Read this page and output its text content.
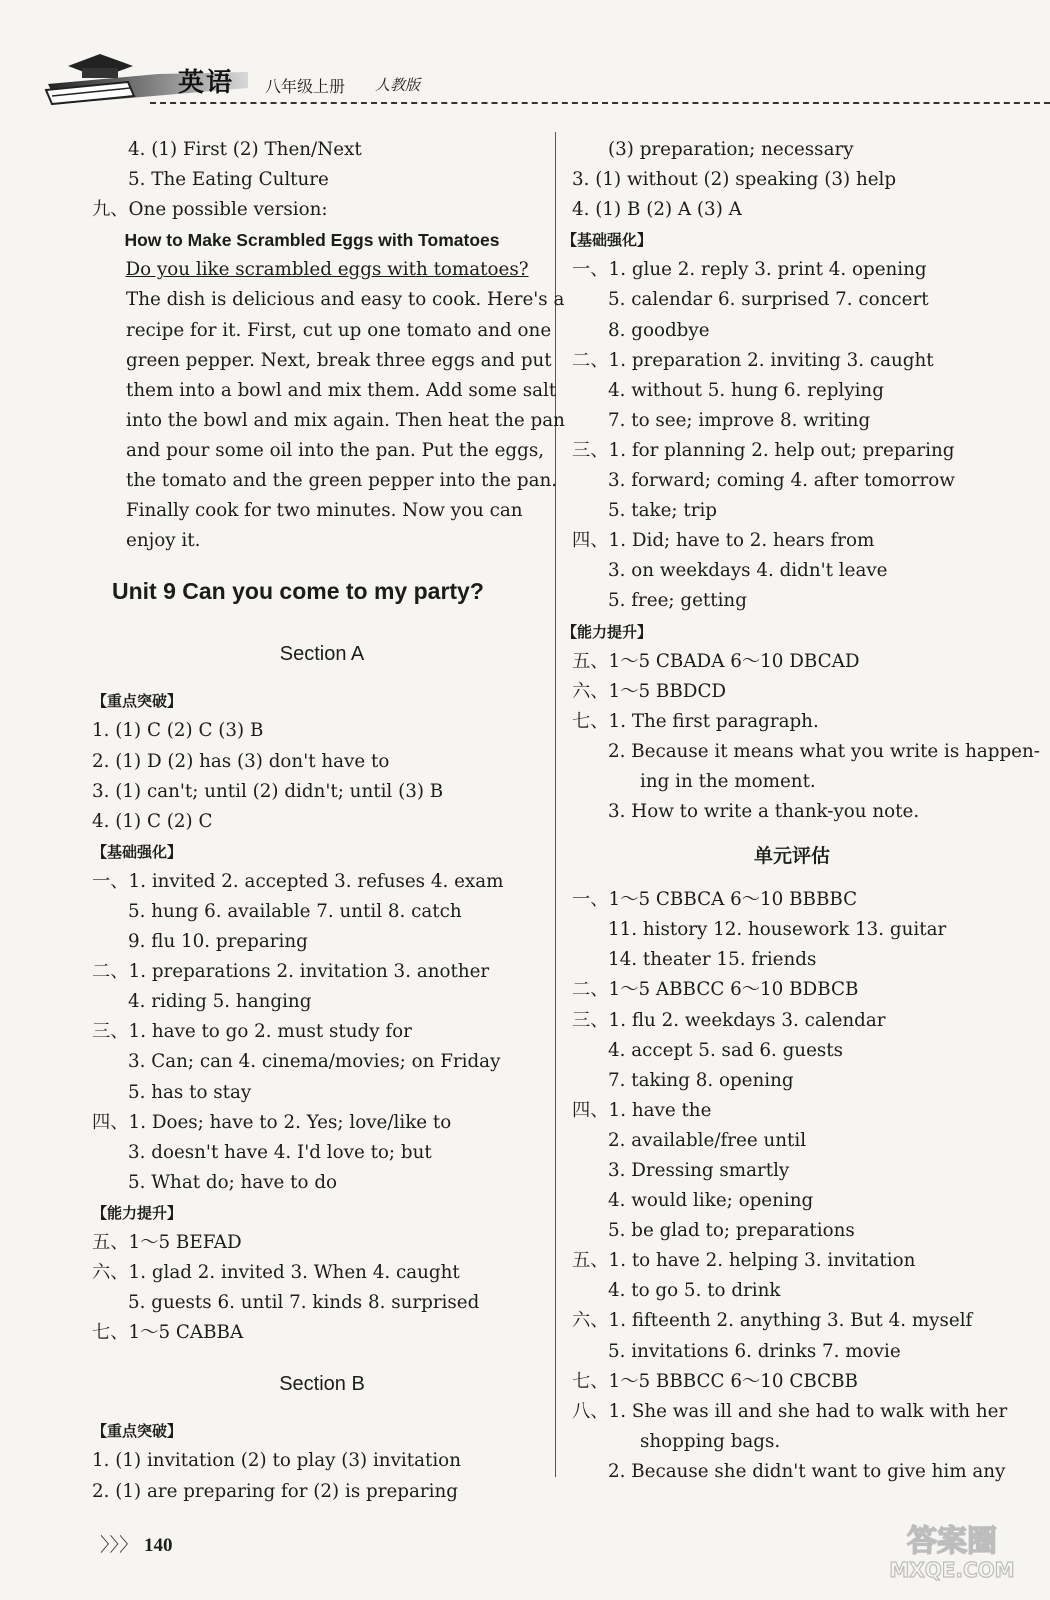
英语 八年级上册 人教版
4. (1) First (2) Then/Next
5. The Eating Culture
九、One possible version:
How to Make Scrambled Eggs with Tomatoes
Do you like scrambled eggs with tomatoes?
The dish is delicious and easy to cook. Here's a
recipe for it. First, cut up one tomato and one
green pepper. Next, break three eggs and put
them into a bowl and mix them. Add some salt
into the bowl and mix again. Then heat the pan
and pour some oil into the pan. Put the eggs,
the tomato and the green pepper into the pan.
Finally cook for two minutes. Now you can
enjoy it.
Unit 9 Can you come to my party?
Section A
【重点突破】
1. (1) C (2) C (3) B
2. (1) D (2) has (3) don't have to
3. (1) can't; until (2) didn't; until (3) B
4. (1) C (2) C
【基础强化】
一、1. invited 2. accepted 3. refuses 4. exam
5. hung 6. available 7. until 8. catch
9. flu 10. preparing
二、1. preparations 2. invitation 3. another
4. riding 5. hanging
三、1. have to go 2. must study for
3. Can; can 4. cinema/movies; on Friday
5. has to stay
四、1. Does; have to 2. Yes; love/like to
3. doesn't have 4. I'd love to; but
5. What do; have to do
【能力提升】
五、1～5 BEFAD
六、1. glad 2. invited 3. When 4. caught
5. guests 6. until 7. kinds 8. surprised
七、1～5 CABBA
Section B
【重点突破】
1. (1) invitation (2) to play (3) invitation
2. (1) are preparing for (2) is preparing
(3) preparation; necessary
3. (1) without (2) speaking (3) help
4. (1) B (2) A (3) A
【基础强化】
一、1. glue 2. reply 3. print 4. opening
5. calendar 6. surprised 7. concert
8. goodbye
二、1. preparation 2. inviting 3. caught
4. without 5. hung 6. replying
7. to see; improve 8. writing
三、1. for planning 2. help out; preparing
3. forward; coming 4. after tomorrow
5. take; trip
四、1. Did; have to 2. hears from
3. on weekdays 4. didn't leave
5. free; getting
【能力提升】
五、1～5 CBADA 6～10 DBCAD
六、1～5 BBDCD
七、1. The first paragraph.
2. Because it means what you write is happen-
ing in the moment.
3. How to write a thank-you note.
单元评估
一、1～5 CBBCA 6～10 BBBBC
11. history 12. housework 13. guitar
14. theater 15. friends
二、1～5 ABBCC 6～10 BDBCB
三、1. flu 2. weekdays 3. calendar
4. accept 5. sad 6. guests
7. taking 8. opening
四、1. have the
2. available/free until
3. Dressing smartly
4. would like; opening
5. be glad to; preparations
五、1. to have 2. helping 3. invitation
4. to go 5. to drink
六、1. fifteenth 2. anything 3. But 4. myself
5. invitations 6. drinks 7. movie
七、1～5 BBBCC 6～10 CBCBB
八、1. She was ill and she had to walk with her
shopping bags.
2. Because she didn't want to give him any
〉〉〉 140	答案圈
MXQE.COM
